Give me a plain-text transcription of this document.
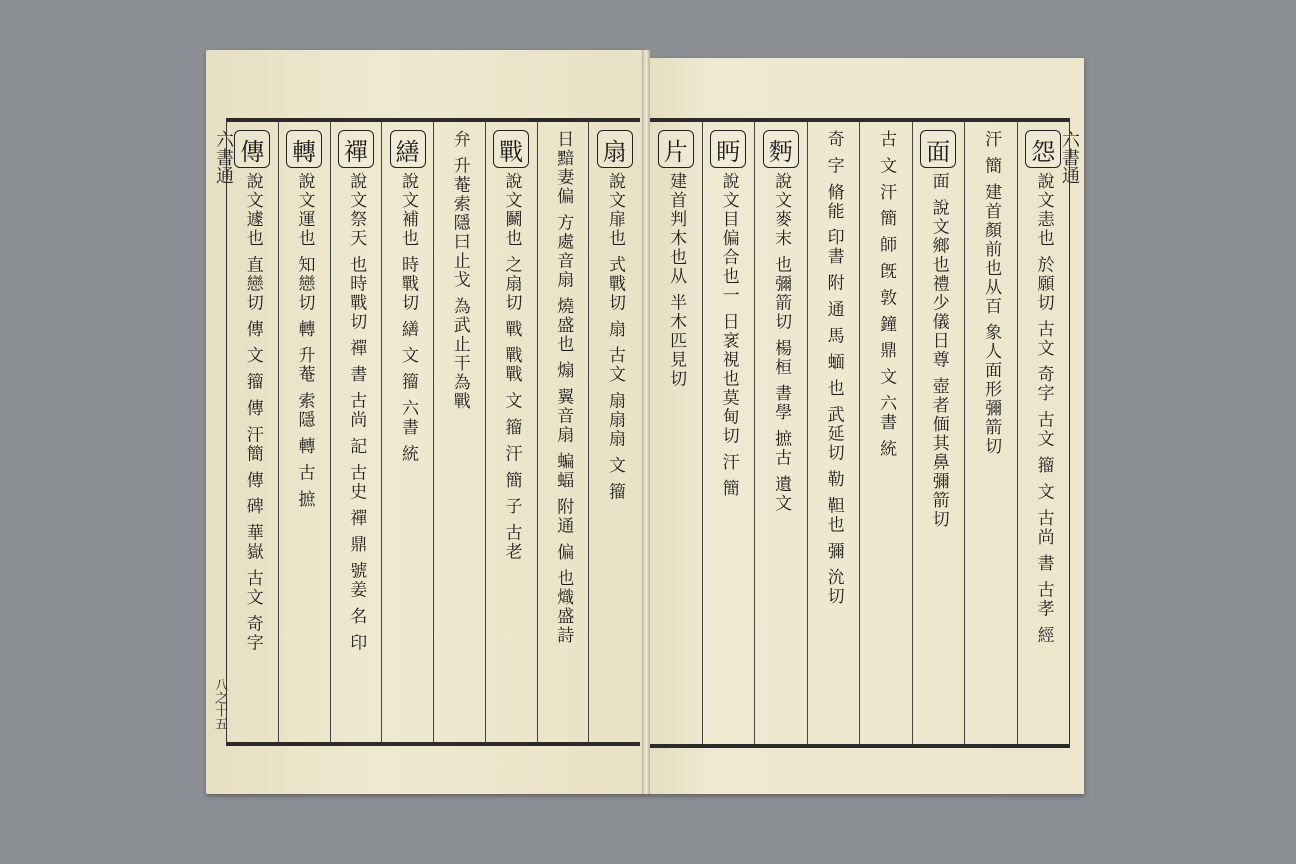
六書通
八之十五
扇
說文扉也 式戰切 扇 古文 扇扇扇 文 籀
日黯妻偏 方處音扇 燒盛也 煽 翼音扇 蝙蝠 附通 偏 也熾盛詩
戰
說文鬭也 之扇切 戰 戰戰 文 籀 汗 簡 子 古老
弁 升菴索隱曰止戈 為武止干為戰
繕
說文補也 時戰切 繕 文 籀 六書 統
禪
說文祭天 也時戰切 禪 書 古尚 記 古史 禪 鼎 號姜 名 印
轉
說文運也 知戀切 轉 升菴 索隱 轉 古 摭
傳
說文遽也 直戀切 傳 文 籀 傳 汗簡 傳 碑 華嶽 古文 奇字
六書通
怨
說文恚也 於願切 古文 奇字 古文 籀 文 古尚 書 古孝 經
汗 簡 建首顏前也从百 象人面形彌箭切
面
面 說文鄉也禮少儀日尊 壺者偭其鼻彌箭切
古 文 汗 簡 師 旣 敦 鐘 鼎 文 六書 統
奇 字 脩能 印書 附 通 馬 蝒 也 武延切 勒 靼也 彌 沇切
麪
說文麥末 也彌箭切 楊桓 書學 摭古 遺文
眄
說文目偏合也一 日衺視也莫甸切 汗 簡
片
建首判木也从 半木匹見切
